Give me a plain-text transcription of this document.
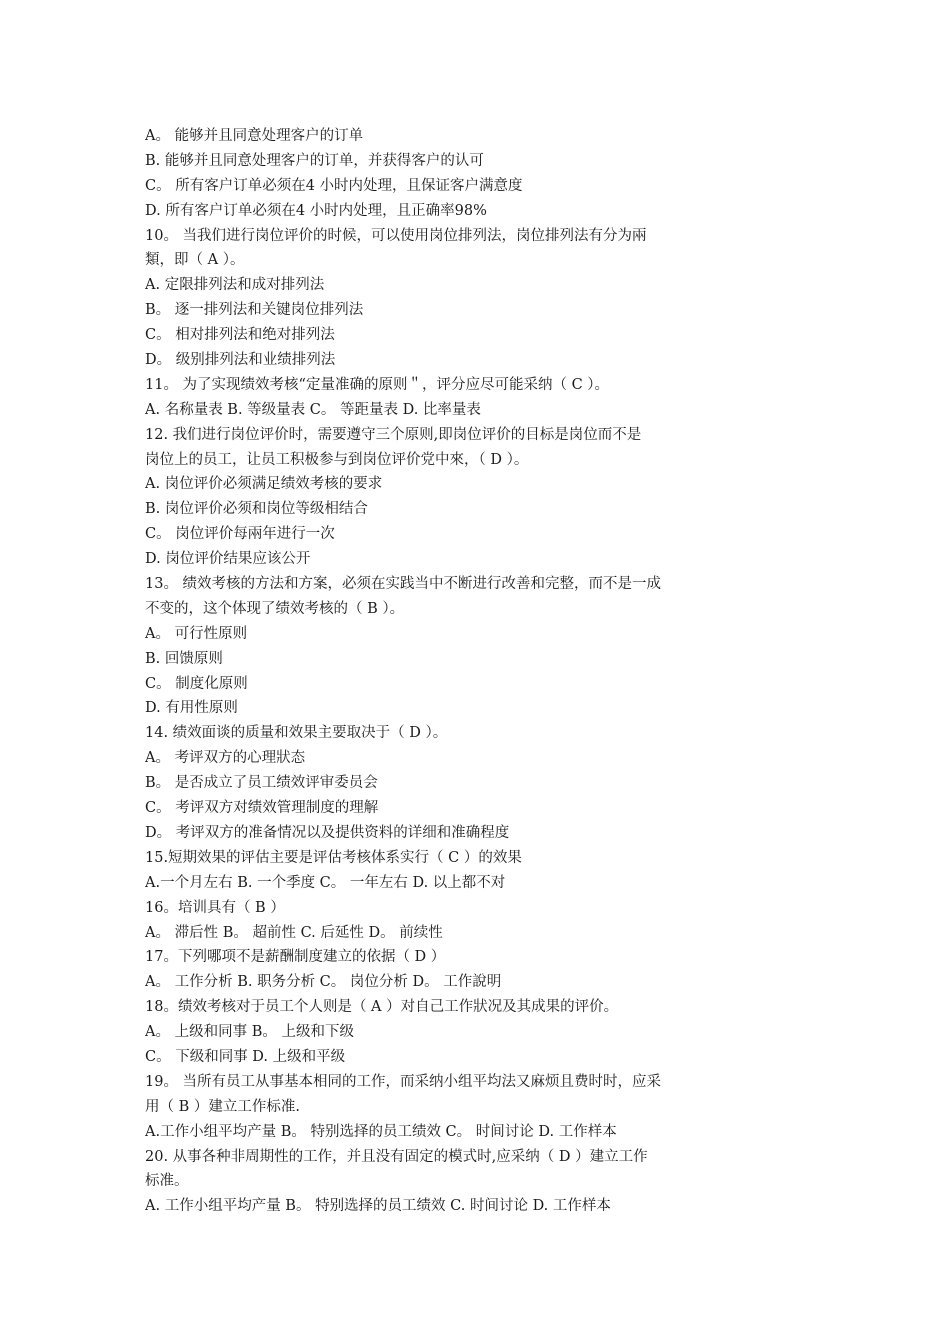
A。 能够并且同意处理客户的订单
B. 能够并且同意处理客户的订单，并获得客户的认可
C。 所有客户订单必须在4 小时内处理，且保证客户满意度
D. 所有客户订单必须在4 小时内处理，且正确率98%
10。 当我们进行岗位评价的时候，可以使用岗位排列法，岗位排列法有分为兩
類，即（ A ）。
A. 定限排列法和成对排列法
B。 逐一排列法和关键岗位排列法
C。 相对排列法和绝对排列法
D。 级别排列法和业绩排列法
11。 为了实现绩效考核“定量准确的原则＂，评分应尽可能采纳（ C ）。
A. 名称量表 B. 等级量表 C。 等距量表 D. 比率量表
12. 我们进行岗位评价时，需要遵守三个原则,即岗位评价的目标是岗位而不是
岗位上的员工，让员工积极参与到岗位评价党中來，（ D ）。
A. 岗位评价必须满足绩效考核的要求
B. 岗位评价必须和岗位等级相结合
C。 岗位评价每兩年进行一次
D. 岗位评价结果应该公开
13。 绩效考核的方法和方案，必须在实践当中不断进行改善和完整，而不是一成
不变的，这个体现了绩效考核的（ B ）。
A。 可行性原则
B. 回馈原则
C。 制度化原则
D. 有用性原则
14. 绩效面谈的质量和效果主要取决于（ D ）。
A。 考评双方的心理狀态
B。 是否成立了员工绩效评审委员会
C。 考评双方对绩效管理制度的理解
D。 考评双方的准备情况以及提供资料的详细和准确程度
15.短期效果的评估主要是评估考核体系实行（ C ）的效果
A.一个月左右 B. 一个季度 C。 一年左右 D. 以上都不对
16。培训具有（ B ）
A。 滞后性 B。 超前性 C. 后延性 D。 前续性
17。下列哪项不是薪酬制度建立的依据（ D ）
A。 工作分析 B. 职务分析 C。 岗位分析 D。 工作說明
18。绩效考核对于员工个人则是（ A ）对自己工作狀况及其成果的评价。
A。 上级和同事 B。 上级和下级
C。 下级和同事 D. 上级和平级
19。 当所有员工从事基本相同的工作，而采纳小组平均法又麻烦且费时时，应采
用（ B ）建立工作标准.
A.工作小组平均产量 B。 特别选择的员工绩效 C。 时间讨论 D. 工作样本
20. 从事各种非周期性的工作，并且没有固定的模式时,应采纳（ D ）建立工作
标准。
A. 工作小组平均产量 B。 特别选择的员工绩效 C. 时间讨论 D. 工作样本
